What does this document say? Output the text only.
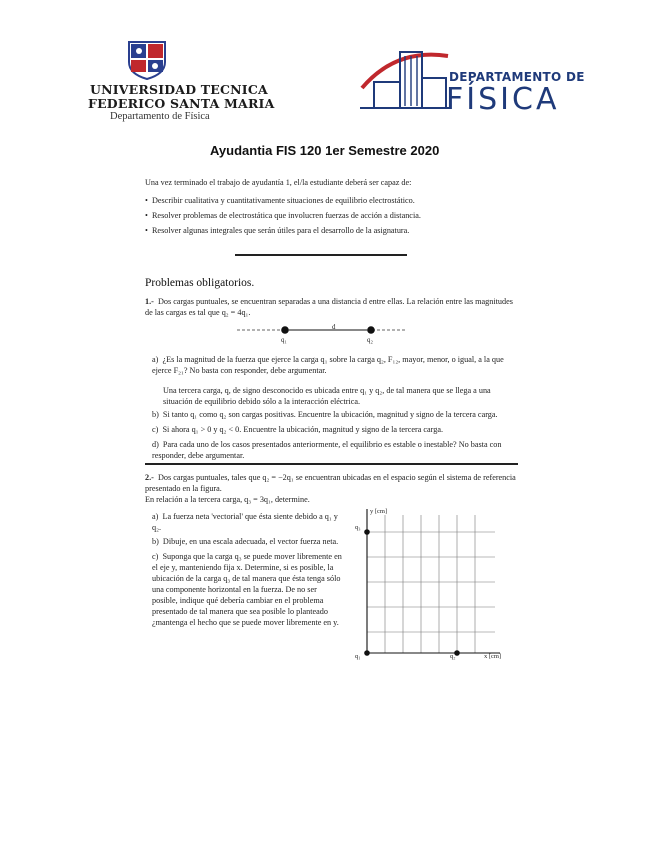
UNIVERSIDAD TECNICA
FEDERICO SANTA MARIA
Departamento de Física
DEPARTAMENTO DE
FÍSICA
Ayudantia FIS 120 1er Semestre 2020
Una vez terminado el trabajo de ayudantía 1, el/la estudiante deberá ser capaz de:
•  Describir cualitativa y cuantitativamente situaciones de equilibrio electrostático.
•  Resolver problemas de electrostática que involucren fuerzas de acción a distancia.
•  Resolver algunas integrales que serán útiles para el desarrollo de la asignatura.
Problemas obligatorios.
1.- Dos cargas puntuales, se encuentran separadas a una distancia d entre ellas. La relación entre las magnitudes de las cargas es tal que q₂ = 4q₁.
q₁	q₂
d
a) ¿Es la magnitud de la fuerza que ejerce la carga q₁ sobre la carga q₂, F₁₂, mayor, menor, o igual, a la que ejerce F₂₁? No basta con responder, debe argumentar.
Una tercera carga, q, de signo desconocido es ubicada entre q₁ y q₂, de tal manera que se llega a una situación de equilibrio debido sólo a la interacción eléctrica.
b) Si tanto q₁ como q₂ son cargas positivas. Encuentre la ubicación, magnitud y signo de la tercera carga.
c) Si ahora q₁ > 0 y q₂ < 0. Encuentre la ubicación, magnitud y signo de la tercera carga.
d) Para cada uno de los casos presentados anteriormente, el equilibrio es estable o inestable? No basta con responder, debe argumentar.
2.- Dos cargas puntuales, tales que q₂ = −2q₁ se encuentran ubicadas en el espacio según el sistema de referencia presentado en la figura.
En relación a la tercera carga, q₃ = 3q₁, determine.
a) La fuerza neta 'vectorial' que ésta siente debido a q₁ y q₂.
b) Dibuje, en una escala adecuada, el vector fuerza neta.
c) Suponga que la carga q₃ se puede mover libremente en el eje y, manteniendo fija x. Determine, si es posible, la ubicación de la carga q₃ de tal manera que ésta tenga sólo una componente horizontal en la fuerza. De no ser posible, indique qué debería cambiar en el problema presentado de tal manera que sea posible lo planteado ¿mantenga el hecho que se puede mover libremente en y.
y [cm]
x [cm]
q₃
q₁	q₂
